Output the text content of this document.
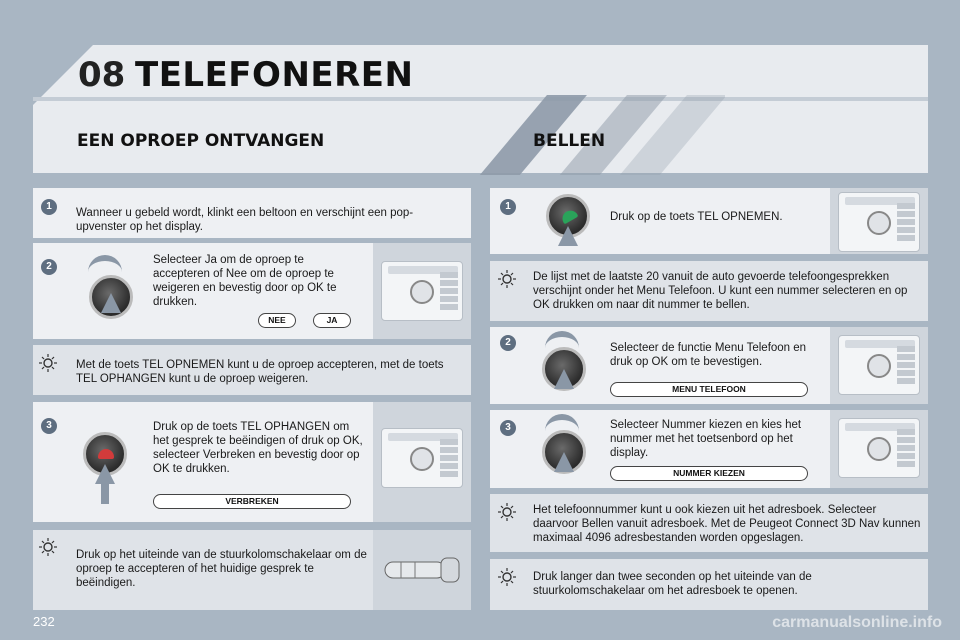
08 TELEFONEREN
EEN OPROEP ONTVANGEN	BELLEN
1
Wanneer u gebeld wordt, klinkt een beltoon en verschijnt een pop-upvenster op het display.
2
Selecteer Ja om de oproep te accepteren of Nee om de oproep te weigeren en bevestig door op OK te drukken.
NEE	JA
Met de toets TEL OPNEMEN kunt u de oproep accepteren, met de toets TEL OPHANGEN kunt u de oproep weigeren.
3	Druk op de toets TEL OPHANGEN om het gesprek te beëindigen of druk op OK, selecteer Verbreken en bevestig door op OK te drukken.
VERBREKEN
Druk op het uiteinde van de stuurkolomschakelaar om de oproep te accepteren of het huidige gesprek te beëindigen.
1
Druk op de toets TEL OPNEMEN.
De lijst met de laatste 20 vanuit de auto gevoerde telefoongesprekken verschijnt onder het Menu Telefoon. U kunt een nummer selecteren en op OK drukken om naar dit nummer te bellen.
2	Selecteer de functie Menu Telefoon en druk op OK om te bevestigen.
MENU TELEFOON
3	Selecteer Nummer kiezen en kies het nummer met het toetsenbord op het display.
NUMMER KIEZEN
Het telefoonnummer kunt u ook kiezen uit het adresboek. Selecteer daarvoor Bellen vanuit adresboek. Met de Peugeot Connect 3D Nav kunnen maximaal 4096 adresbestanden worden opgeslagen.
Druk langer dan twee seconden op het uiteinde van de stuurkolomschakelaar om het adresboek te openen.
232	carmanualsonline.info
